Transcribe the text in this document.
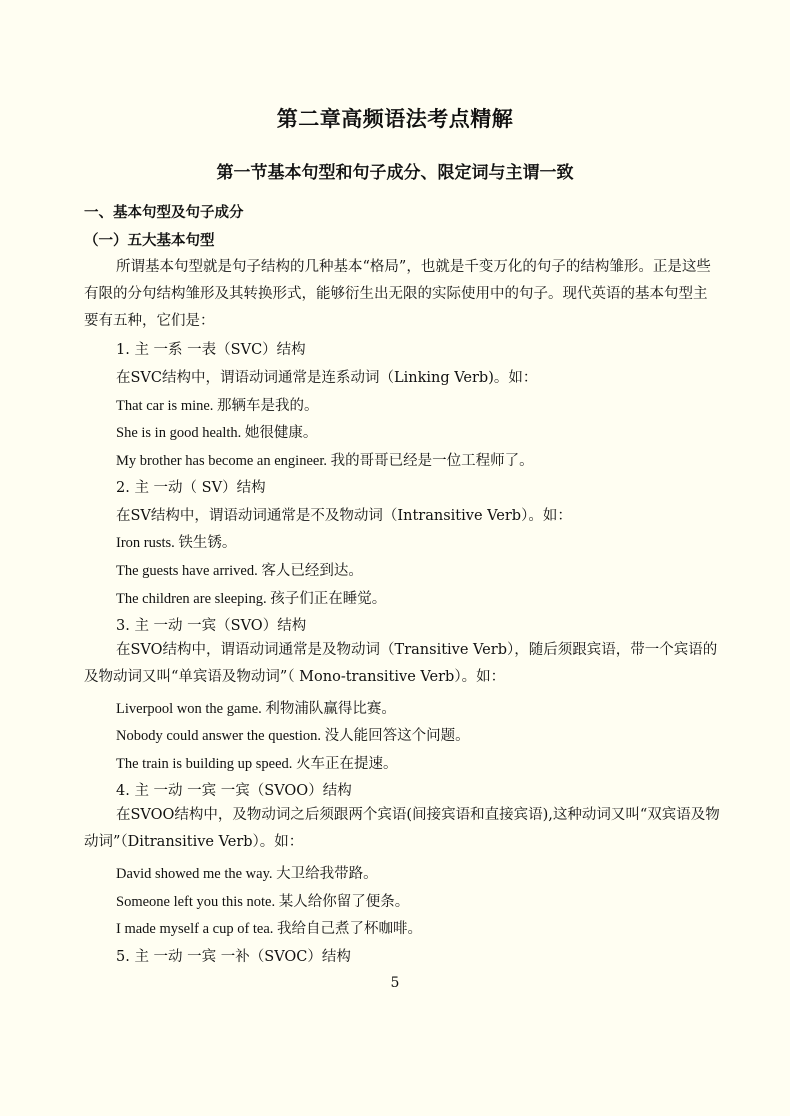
第二章高频语法考点精解
第一节基本句型和句子成分、限定词与主谓一致
一、基本句型及句子成分
（一）五大基本句型
所谓基本句型就是句子结构的几种基本“格局”，也就是千变万化的句子的结构雏形。正是这些有限的分句结构雏形及其转换形式，能够衍生出无限的实际使用中的句子。现代英语的基本句型主要有五种，它们是：
1. 主 一系 一表（SVC）结构
在SVC结构中，谓语动词通常是连系动词（Linking Verb)。如：
That car is mine. 那辆车是我的。
She is in good health. 她很健康。
My brother has become an engineer. 我的哥哥已经是一位工程师了。
2. 主 一动（ SV）结构
在SV结构中，谓语动词通常是不及物动词（Intransitive Verb）。如：
Iron rusts. 铁生锈。
The guests have arrived. 客人已经到达。
The children are sleeping. 孩子们正在睡觉。
3. 主 一动 一宾（SVO）结构
在SVO结构中，谓语动词通常是及物动词（Transitive Verb），随后须跟宾语，带一个宾语的及物动词又叫“单宾语及物动词”（ Mono-transitive Verb）。如：
Liverpool won the game. 利物浦队赢得比赛。
Nobody could answer the question. 没人能回答这个问题。
The train is building up speed. 火车正在提速。
4. 主 一动 一宾 一宾（SVOO）结构
在SVOO结构中，及物动词之后须跟两个宾语(间接宾语和直接宾语),这种动词又叫“双宾语及物动词”（Ditransitive Verb）。如：
David showed me the way. 大卫给我带路。
Someone left you this note. 某人给你留了便条。
I made myself a cup of tea. 我给自己煮了杯咖啡。
5. 主 一动 一宾 一补（SVOC）结构
5
